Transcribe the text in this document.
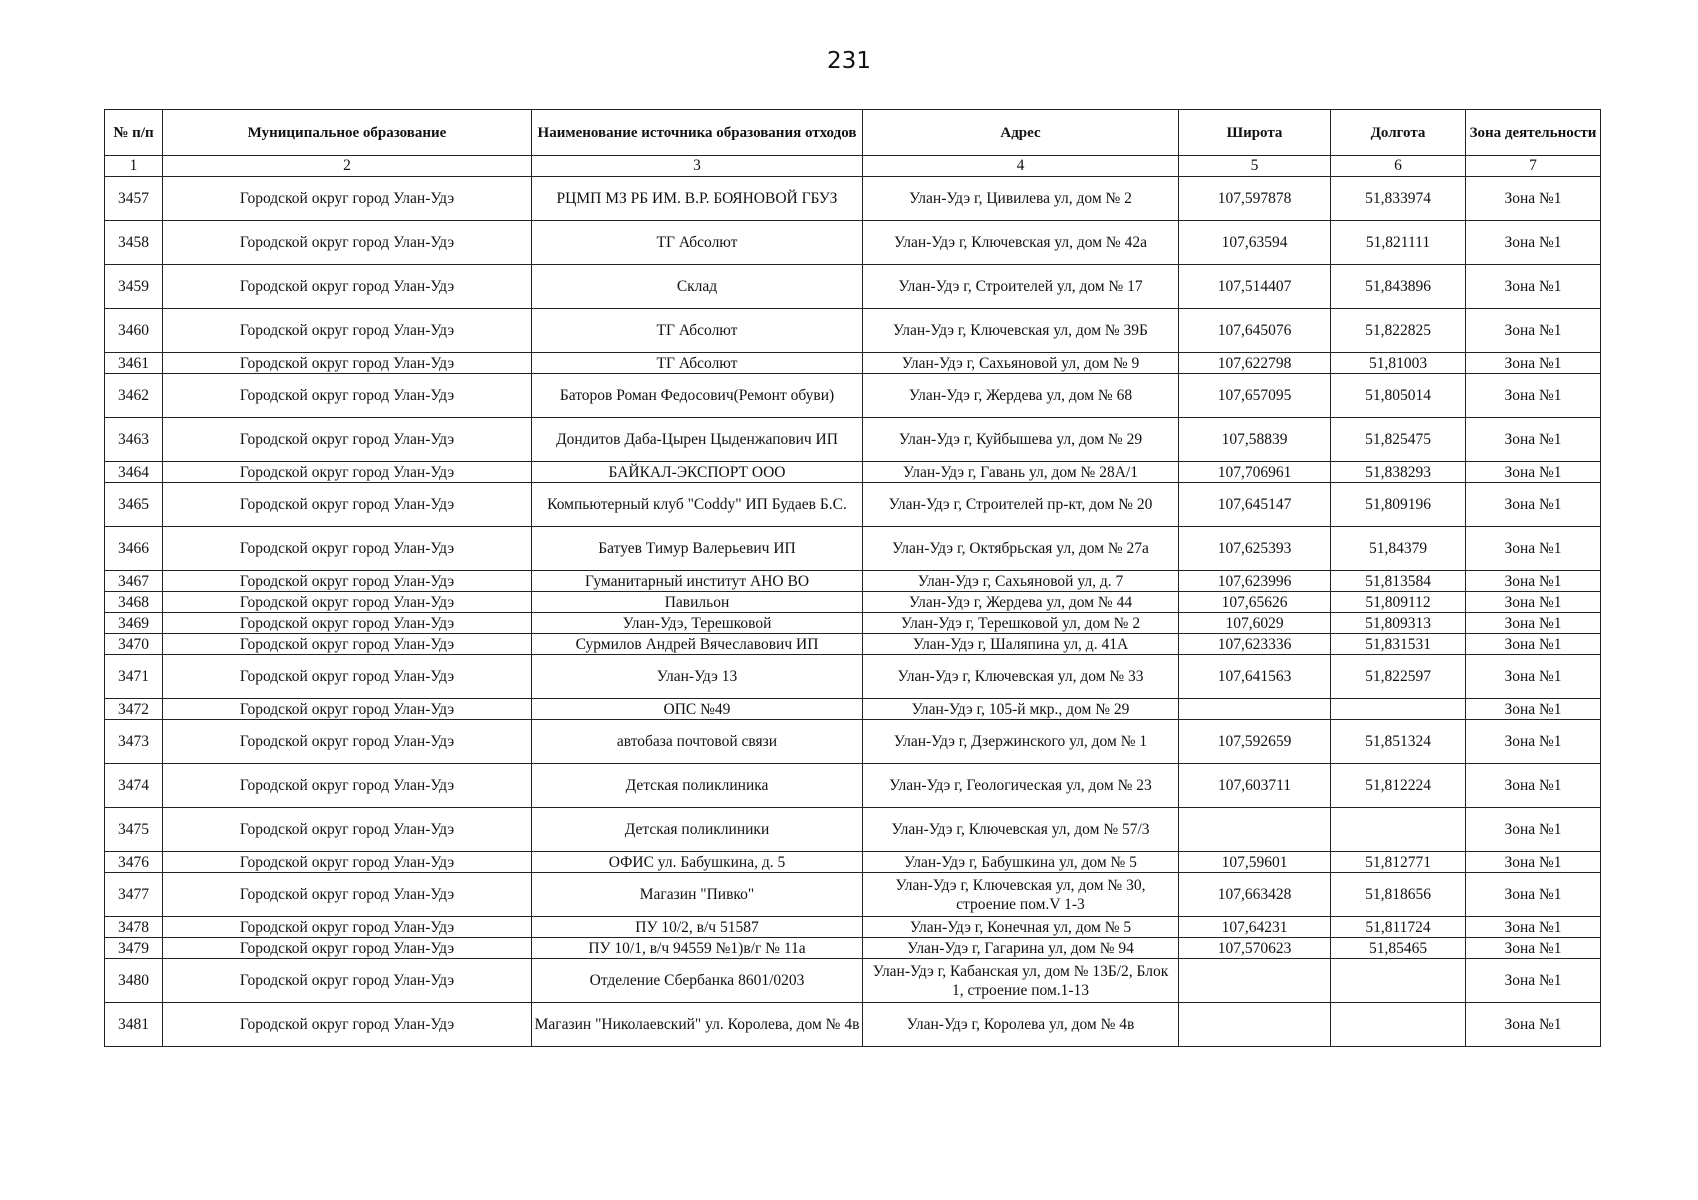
231
№ п/п	Муниципальное образование	Наименование источника образования отходов	Адрес	Широта	Долгота	Зона деятельности
1	2	3	4	5	6	7
3457	Городской округ город Улан-Удэ	РЦМП МЗ РБ ИМ. В.Р. БОЯНОВОЙ ГБУЗ	Улан-Удэ г, Цивилева ул, дом № 2	107,597878	51,833974	Зона №1
3458	Городской округ город Улан-Удэ	ТГ Абсолют	Улан-Удэ г, Ключевская ул, дом № 42а	107,63594	51,821111	Зона №1
3459	Городской округ город Улан-Удэ	Склад	Улан-Удэ г, Строителей ул, дом № 17	107,514407	51,843896	Зона №1
3460	Городской округ город Улан-Удэ	ТГ Абсолют	Улан-Удэ г, Ключевская ул, дом № 39Б	107,645076	51,822825	Зона №1
3461	Городской округ город Улан-Удэ	ТГ Абсолют	Улан-Удэ г, Сахьяновой ул, дом № 9	107,622798	51,81003	Зона №1
3462	Городской округ город Улан-Удэ	Баторов Роман Федосович(Ремонт обуви)	Улан-Удэ г, Жердева ул, дом № 68	107,657095	51,805014	Зона №1
3463	Городской округ город Улан-Удэ	Дондитов Даба-Цырен Цыденжапович ИП	Улан-Удэ г, Куйбышева ул, дом № 29	107,58839	51,825475	Зона №1
3464	Городской округ город Улан-Удэ	БАЙКАЛ-ЭКСПОРТ ООО	Улан-Удэ г, Гавань ул, дом № 28А/1	107,706961	51,838293	Зона №1
3465	Городской округ город Улан-Удэ	Компьютерный клуб "Coddy" ИП Будаев Б.С.	Улан-Удэ г, Строителей пр-кт, дом № 20	107,645147	51,809196	Зона №1
3466	Городской округ город Улан-Удэ	Батуев Тимур Валерьевич ИП	Улан-Удэ г, Октябрьская ул, дом № 27а	107,625393	51,84379	Зона №1
3467	Городской округ город Улан-Удэ	Гуманитарный институт АНО ВО	Улан-Удэ г, Сахьяновой ул, д. 7	107,623996	51,813584	Зона №1
3468	Городской округ город Улан-Удэ	Павильон	Улан-Удэ г, Жердева ул, дом № 44	107,65626	51,809112	Зона №1
3469	Городской округ город Улан-Удэ	Улан-Удэ, Терешковой	Улан-Удэ г, Терешковой ул, дом № 2	107,6029	51,809313	Зона №1
3470	Городской округ город Улан-Удэ	Сурмилов Андрей Вячеславович ИП	Улан-Удэ г, Шаляпина ул, д. 41А	107,623336	51,831531	Зона №1
3471	Городской округ город Улан-Удэ	Улан-Удэ 13	Улан-Удэ г, Ключевская ул, дом № 33	107,641563	51,822597	Зона №1
3472	Городской округ город Улан-Удэ	ОПС №49	Улан-Удэ г, 105-й мкр., дом № 29			Зона №1
3473	Городской округ город Улан-Удэ	автобаза почтовой связи	Улан-Удэ г, Дзержинского ул, дом № 1	107,592659	51,851324	Зона №1
3474	Городской округ город Улан-Удэ	Детская поликлиника	Улан-Удэ г, Геологическая ул, дом № 23	107,603711	51,812224	Зона №1
3475	Городской округ город Улан-Удэ	Детская поликлиники	Улан-Удэ г, Ключевская ул, дом № 57/3			Зона №1
3476	Городской округ город Улан-Удэ	ОФИС ул. Бабушкина, д. 5	Улан-Удэ г, Бабушкина ул, дом № 5	107,59601	51,812771	Зона №1
3477	Городской округ город Улан-Удэ	Магазин "Пивко"	Улан-Удэ г, Ключевская ул, дом № 30, строение пом.V 1-3	107,663428	51,818656	Зона №1
3478	Городской округ город Улан-Удэ	ПУ 10/2, в/ч 51587	Улан-Удэ г, Конечная ул, дом № 5	107,64231	51,811724	Зона №1
3479	Городской округ город Улан-Удэ	ПУ 10/1, в/ч 94559 №1)в/г № 11а	Улан-Удэ г, Гагарина ул, дом № 94	107,570623	51,85465	Зона №1
3480	Городской округ город Улан-Удэ	Отделение Сбербанка 8601/0203	Улан-Удэ г, Кабанская ул, дом № 13Б/2, Блок 1, строение пом.1-13			Зона №1
3481	Городской округ город Улан-Удэ	Магазин "Николаевский" ул. Королева, дом № 4в	Улан-Удэ г, Королева ул, дом № 4в			Зона №1
